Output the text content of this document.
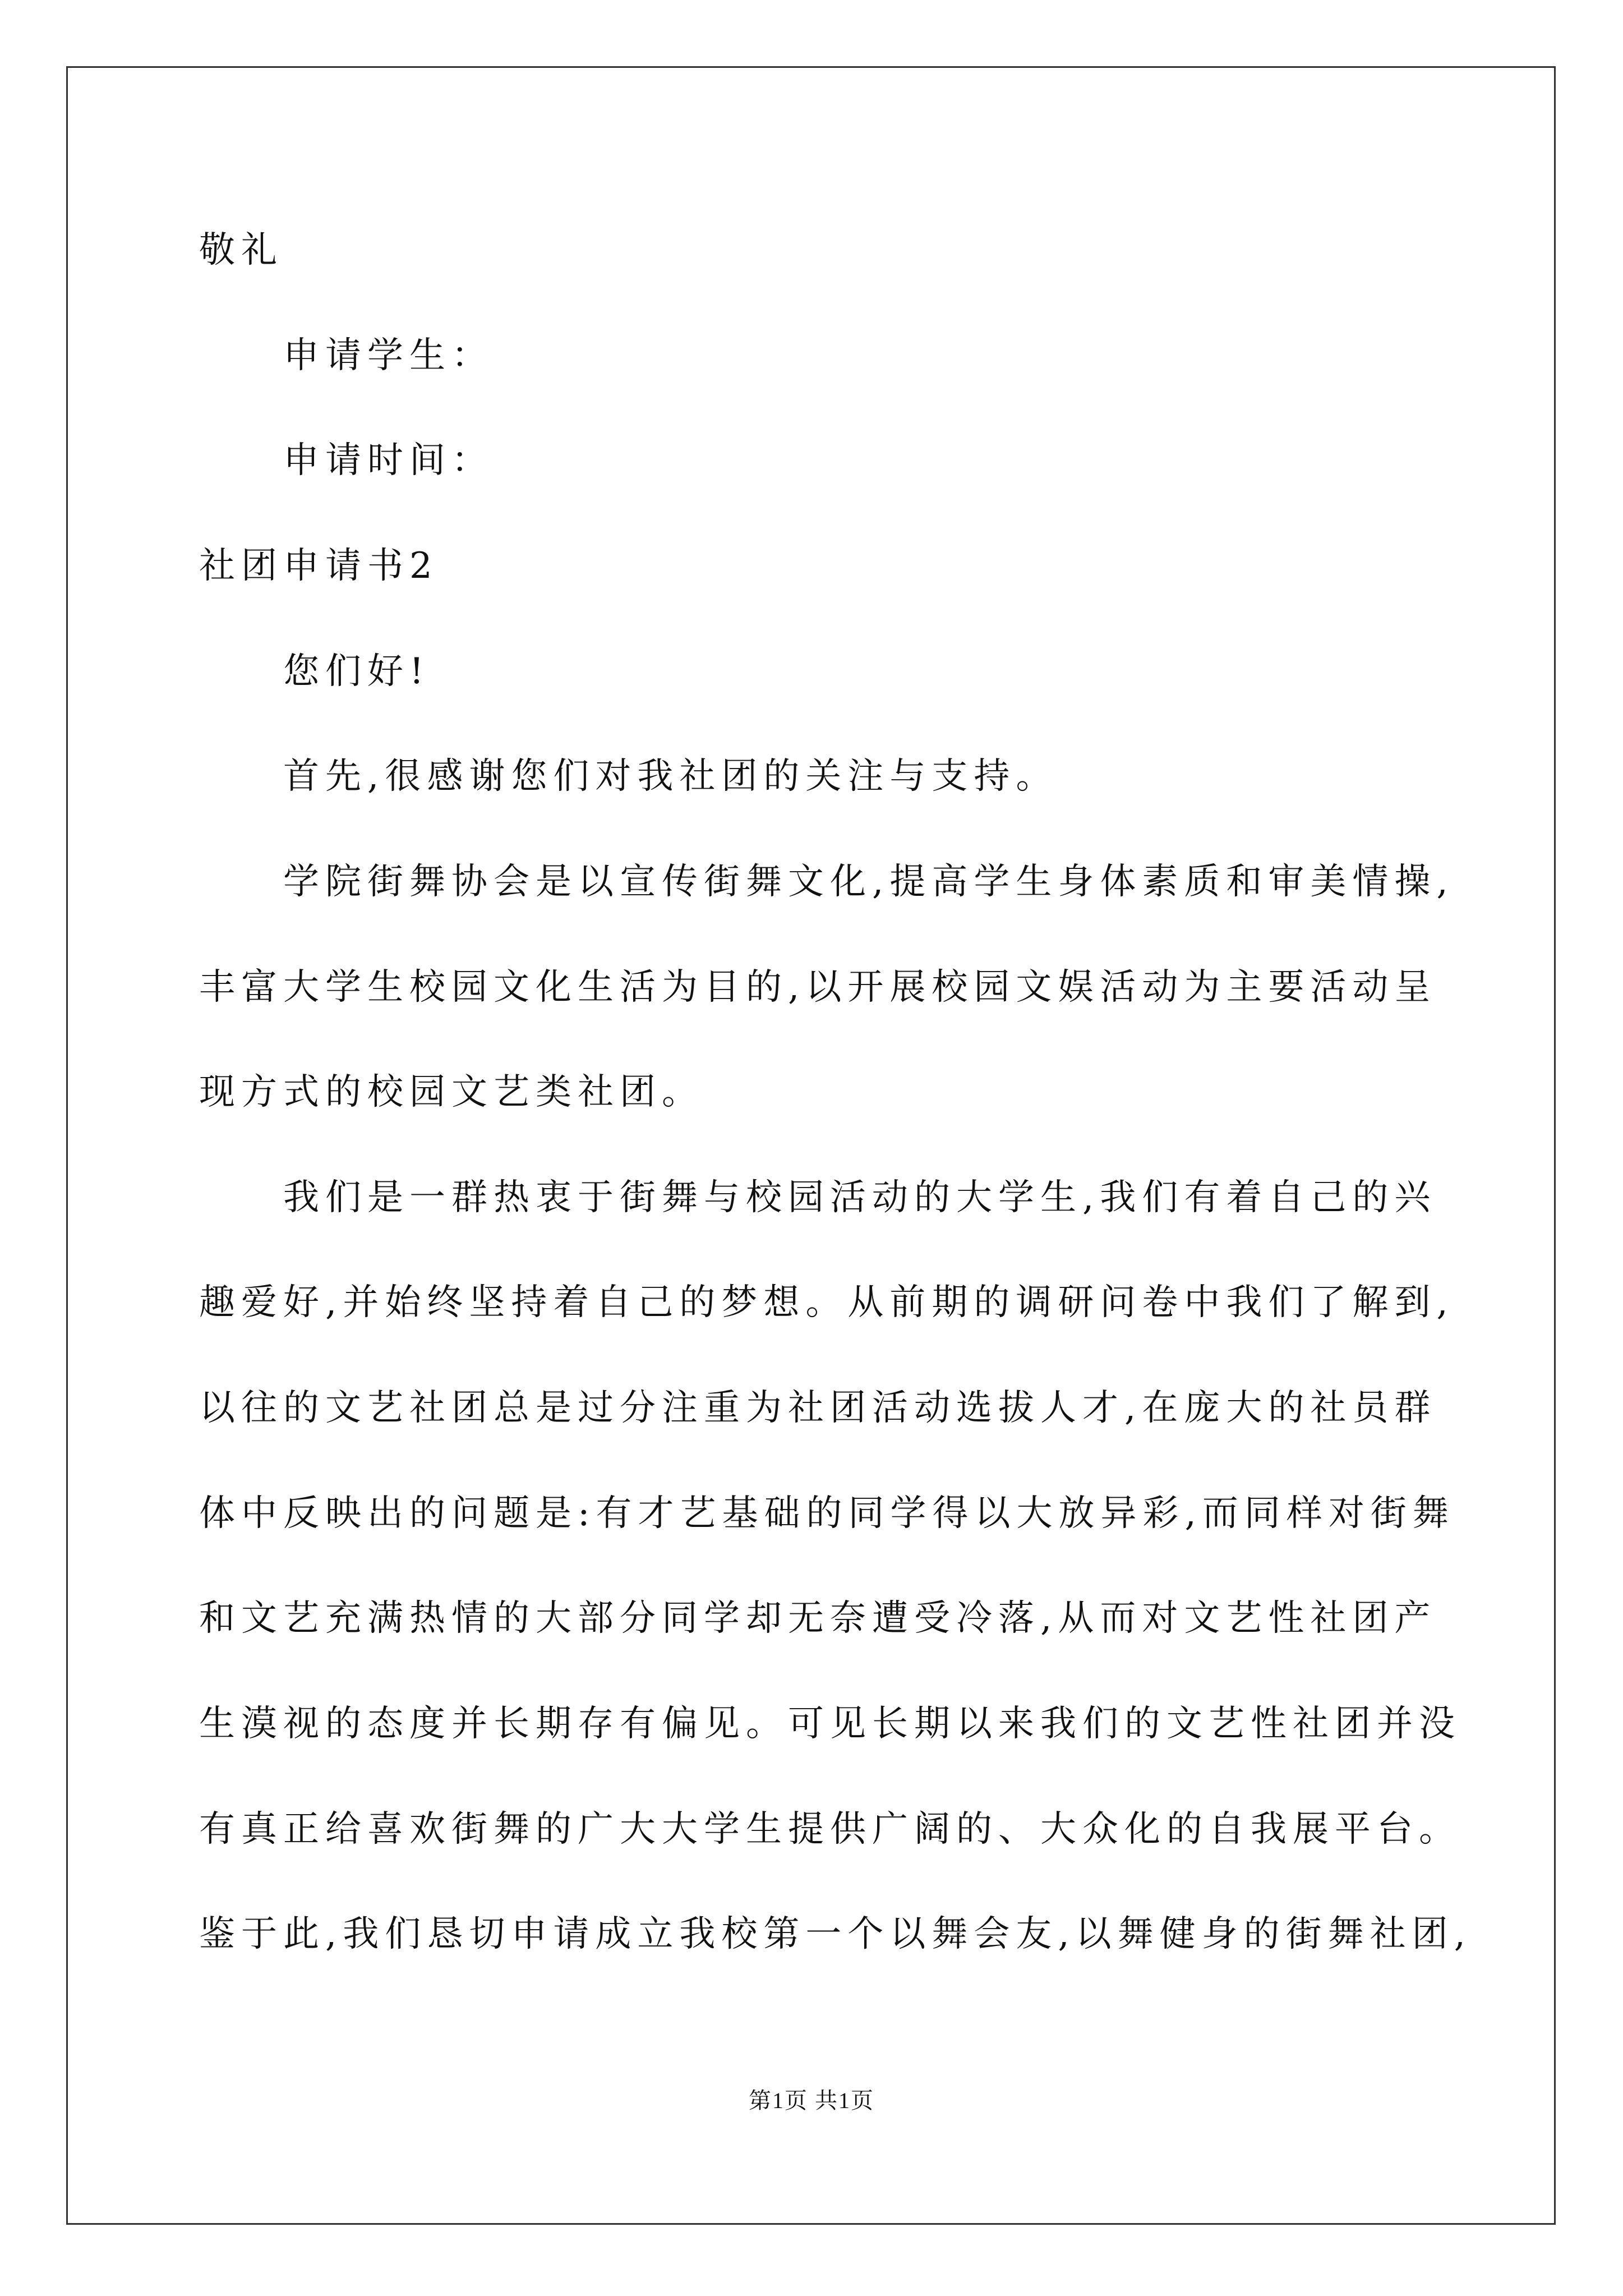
敬礼
申请学生：
申请时间：
社团申请书2
您们好!
首先,很感谢您们对我社团的关注与支持。
学院街舞协会是以宣传街舞文化,提高学生身体素质和审美情操,
丰富大学生校园文化生活为目的,以开展校园文娱活动为主要活动呈
现方式的校园文艺类社团。
我们是一群热衷于街舞与校园活动的大学生,我们有着自己的兴
趣爱好,并始终坚持着自己的梦想。从前期的调研问卷中我们了解到,
以往的文艺社团总是过分注重为社团活动选拔人才,在庞大的社员群
体中反映出的问题是:有才艺基础的同学得以大放异彩,而同样对街舞
和文艺充满热情的大部分同学却无奈遭受冷落,从而对文艺性社团产
生漠视的态度并长期存有偏见。可见长期以来我们的文艺性社团并没
有真正给喜欢街舞的广大大学生提供广阔的、大众化的自我展平台。
鉴于此,我们恳切申请成立我校第一个以舞会友,以舞健身的街舞社团,
第1页 共1页
